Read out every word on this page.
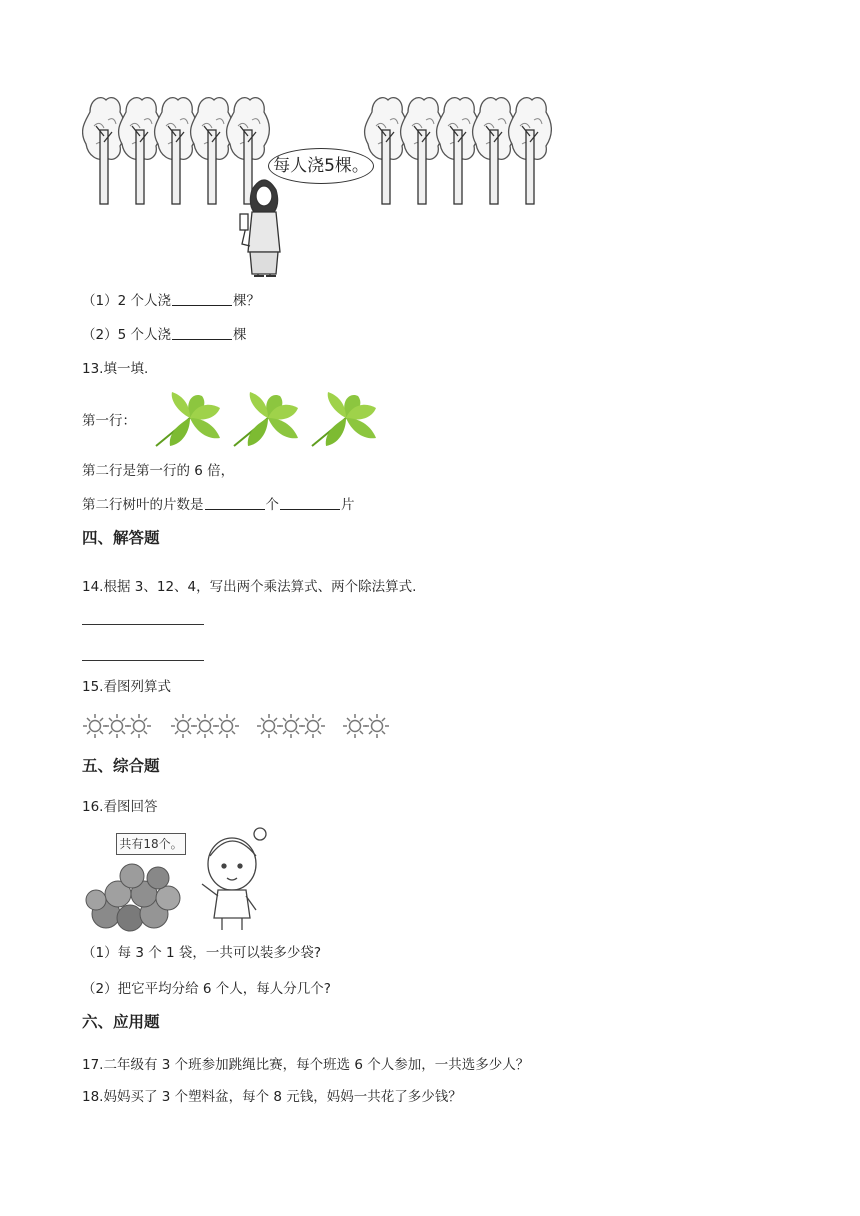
每人浇5棵。
（1）2 个人浇	棵？
（2）5 个人浇	棵
13.填一填.
第一行：
第二行是第一行的 6 倍，
第二行树叶的片数是	个	片
四、解答题
14.根据 3、12、4，写出两个乘法算式、两个除法算式.
15.看图列算式
五、综合题
16.看图回答
共有18个。
（1）每 3 个 1 袋，一共可以装多少袋?
（2）把它平均分给 6 个人，每人分几个?
六、应用题
17.二年级有 3 个班参加跳绳比赛，每个班选 6 个人参加，一共选多少人？
18.妈妈买了 3 个塑料盆，每个 8 元钱，妈妈一共花了多少钱？
